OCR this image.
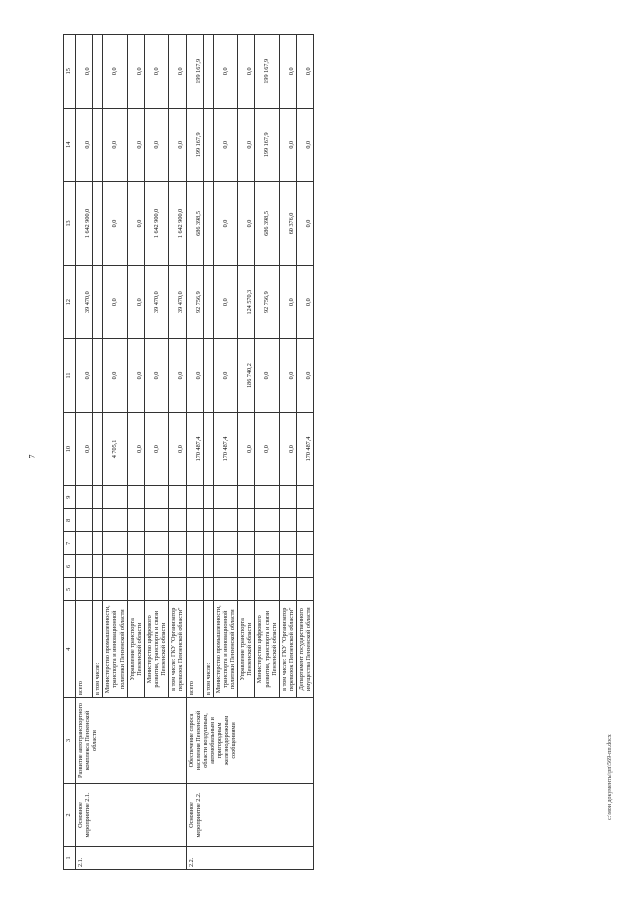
7
1	2	3	4	5	6	7	8	9	10	11	12	13	14	15
2.1.	Основное мероприятие 2.1.	Развитие автотранспортного комплекса Пензенской области	всего						0,0	0,0	39 470,0	1 642 900,0	0,0	0,0
			в том числе:											
			Министерство промышленности, транспорта и инновационной политики Пензенской области						4 705,1	0,0	0,0	0,0	0,0	0,0
			Управление транспорта Пензенской области						0,0	0,0	0,0	0,0	0,0	0,0
			Министерство цифрового развития, транспорта и связи Пензенской области						0,0	0,0	39 470,0	1 642 900,0	0,0	0,0
			в том числе: ГКУ "Организатор перевозок Пензенской области"						0,0	0,0	39 470,0	1 642 900,0	0,0	0,0
2.2.	Основное мероприятие 2.2.	Обеспечение спроса населения Пензенской области воздушным, автомобильным и пригородным железнодорожным сообщениями	всего						170 487,4	0,0	92 756,9	686 398,5	199 167,9	199 167,9
			в том числе:											
			Министерство промышленности, транспорта и инновационной политики Пензенской области						170 487,4	0,0	0,0	0,0	0,0	0,0
			Управление транспорта Пензенской области						0,0	186 740,2	124 570,3	0,0	0,0	0,0
			Министерство цифрового развития, транспорта и связи Пензенской области						0,0	0,0	92 756,9	686 398,5	199 167,9	199 167,9
			в том числе: ГКУ "Организатор перевозок Пензенской области"						0,0	0,0	0,0	60 376,0	0,0	0,0
			Департамент государственного имущества Пензенской области						170 487,4	0,0	0,0	0,0	0,0	0,0
c:\мои документы\рп\569-пп.docx
